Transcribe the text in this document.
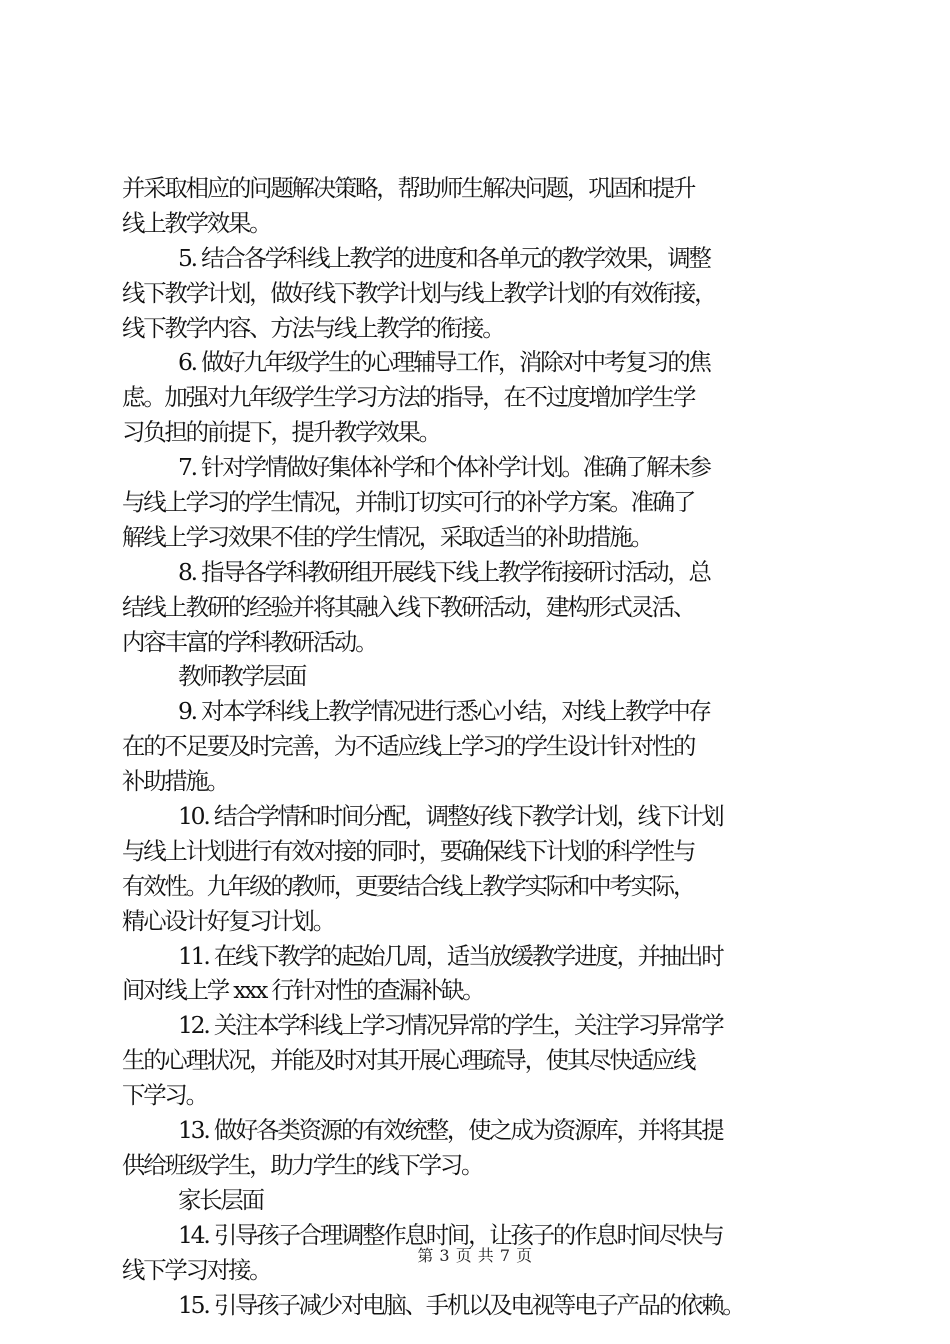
并采取相应的问题解决策略，帮助师生解决问题，巩固和提升
线上教学效果。
5. 结合各学科线上教学的进度和各单元的教学效果，调整
线下教学计划，做好线下教学计划与线上教学计划的有效衔接，
线下教学内容、方法与线上教学的衔接。
6. 做好九年级学生的心理辅导工作，消除对中考复习的焦
虑。加强对九年级学生学习方法的指导，在不过度增加学生学
习负担的前提下，提升教学效果。
7. 针对学情做好集体补学和个体补学计划。准确了解未参
与线上学习的学生情况，并制订切实可行的补学方案。准确了
解线上学习效果不佳的学生情况，采取适当的补助措施。
8. 指导各学科教研组开展线下线上教学衔接研讨活动，总
结线上教研的经验并将其融入线下教研活动，建构形式灵活、
内容丰富的学科教研活动。
教师教学层面
9. 对本学科线上教学情况进行悉心小结，对线上教学中存
在的不足要及时完善，为不适应线上学习的学生设计针对性的
补助措施。
10. 结合学情和时间分配，调整好线下教学计划，线下计划
与线上计划进行有效对接的同时，要确保线下计划的科学性与
有效性。九年级的教师，更要结合线上教学实际和中考实际，
精心设计好复习计划。
11. 在线下教学的起始几周，适当放缓教学进度，并抽出时
间对线上学 xxx 行针对性的查漏补缺。
12. 关注本学科线上学习情况异常的学生，关注学习异常学
生的心理状况，并能及时对其开展心理疏导，使其尽快适应线
下学习。
13. 做好各类资源的有效统整，使之成为资源库，并将其提
供给班级学生，助力学生的线下学习。
家长层面
14. 引导孩子合理调整作息时间，让孩子的作息时间尽快与
线下学习对接。
15. 引导孩子减少对电脑、手机以及电视等电子产品的依赖。
第 3 页 共 7 页
